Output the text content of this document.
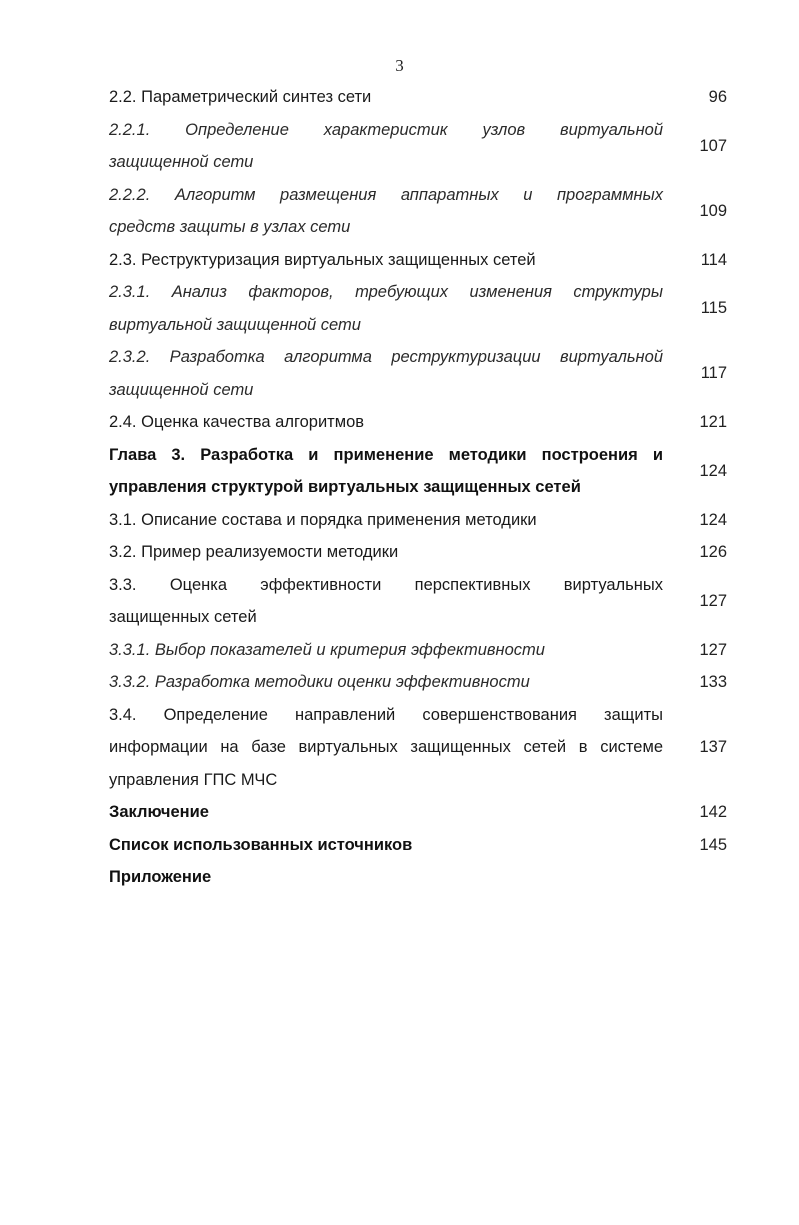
3
2.2. Параметрический синтез сети	96
2.2.1. Определение характеристик узлов виртуальной
защищенной сети
107
2.2.2. Алгоритм размещения аппаратных и программных
средств защиты в узлах сети
109
2.3. Реструктуризация виртуальных защищенных сетей	114
2.3.1. Анализ факторов, требующих изменения структуры
виртуальной защищенной сети
115
2.3.2. Разработка алгоритма реструктуризации виртуальной
защищенной сети
117
2.4. Оценка качества алгоритмов	121
Глава 3. Разработка и применение методики построения и
управления структурой виртуальных защищенных сетей
124
3.1. Описание состава и порядка применения методики	124
3.2. Пример реализуемости методики	126
3.3. Оценка эффективности перспективных виртуальных
защищенных сетей
127
3.3.1. Выбор показателей и критерия эффективности	127
3.3.2. Разработка методики оценки эффективности	133
3.4. Определение направлений совершенствования защиты
информации на базе виртуальных защищенных сетей в системе
управления ГПС МЧС
137
Заключение	142
Список использованных источников	145
Приложение
